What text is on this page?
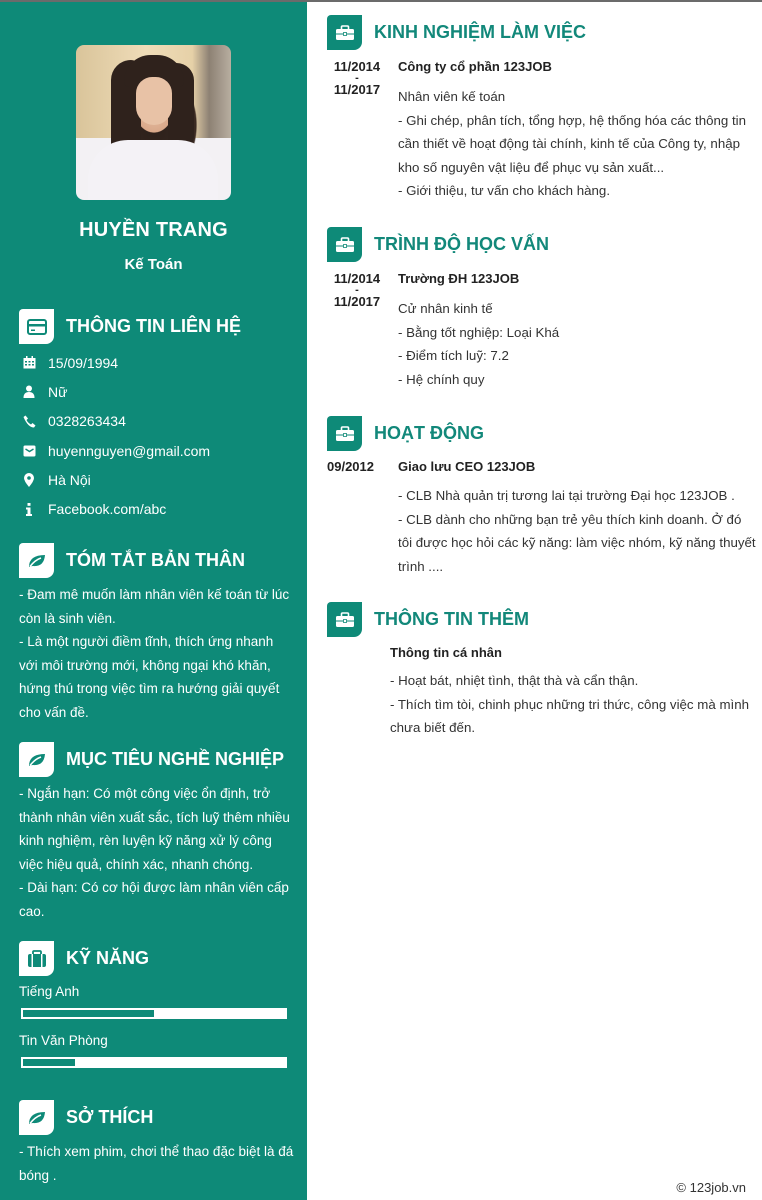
HUYỀN TRANG
Kế Toán
THÔNG TIN LIÊN HỆ
15/09/1994
Nữ
0328263434
huyennguyen@gmail.com
Hà Nội
Facebook.com/abc
TÓM TẮT BẢN THÂN
- Đam mê muốn làm nhân viên kế toán từ lúc còn là sinh viên.
- Là một người điềm tĩnh, thích ứng nhanh với môi trường mới, không ngại khó khăn, hứng thú trong việc tìm ra hướng giải quyết cho vấn đề.
MỤC TIÊU NGHỀ NGHIỆP
- Ngắn hạn: Có một công việc ổn định, trở thành nhân viên xuất sắc, tích luỹ thêm nhiều kinh nghiệm, rèn luyện kỹ năng xử lý công việc hiệu quả, chính xác, nhanh chóng.
- Dài hạn: Có cơ hội được làm nhân viên cấp cao.
KỸ NĂNG
Tiếng Anh
Tin Văn Phòng
SỞ THÍCH
- Thích xem phim, chơi thể thao đặc biệt là đá bóng .
KINH NGHIỆM LÀM VIỆC
11/2014
-
11/2017
Công ty cổ phần 123JOB
Nhân viên kế toán
- Ghi chép, phân tích, tổng hợp, hệ thống hóa các thông tin cần thiết về hoạt động tài chính, kinh tế của Công ty, nhập kho số nguyên vật liệu để phục vụ sản xuất...
- Giới thiệu, tư vấn cho khách hàng.
TRÌNH ĐỘ HỌC VẤN
11/2014
-
11/2017
Trường ĐH 123JOB
Cử nhân kinh tế
- Bằng tốt nghiệp: Loại Khá
- Điểm tích luỹ: 7.2
- Hệ chính quy
HOẠT ĐỘNG
09/2012	Giao lưu CEO 123JOB
- CLB Nhà quản trị tương lai tại trường Đại học 123JOB .
- CLB dành cho những bạn trẻ yêu thích kinh doanh. Ở đó tôi được học hỏi các kỹ năng: làm việc nhóm, kỹ năng thuyết trình ....
THÔNG TIN THÊM
Thông tin cá nhân
- Hoạt bát, nhiệt tình, thật thà và cẩn thận.
- Thích tìm tòi, chinh phục những tri thức, công việc mà mình chưa biết đến.
© 123job.vn
